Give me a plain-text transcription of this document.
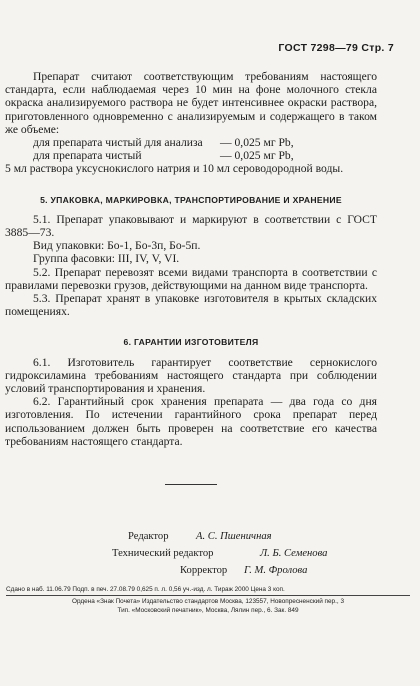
ГОСТ 7298—79 Стр. 7

Препарат считают соответствующим требованиям настоящего стандарта, если наблюдаемая через 10 мин на фоне молочного стекла окраска анализируемого раствора не будет интенсивнее окраски раствора, приготовленного одновременно с анализируемым и содержащего в таком же объеме:

для препарата чистый для анализа	— 0,025 мг Pb,
для препарата чистый	— 0,025 мг Pb,

5 мл раствора уксуснокислого натрия и 10 мл сероводородной воды.

5. УПАКОВКА, МАРКИРОВКА, ТРАНСПОРТИРОВАНИЕ И ХРАНЕНИЕ

5.1. Препарат упаковывают и маркируют в соответствии с ГОСТ 3885—73.

Вид упаковки: Бо-1, Бо-3п, Бо-5п.

Группа фасовки: III, IV, V, VI.

5.2. Препарат перевозят всеми видами транспорта в соответствии с правилами перевозки грузов, действующими на данном виде транспорта.

5.3. Препарат хранят в упаковке изготовителя в крытых складских помещениях.

6. ГАРАНТИИ ИЗГОТОВИТЕЛЯ

6.1. Изготовитель гарантирует соответствие сернокислого гидроксиламина требованиям настоящего стандарта при соблюдении условий транспортирования и хранения.

6.2. Гарантийный срок хранения препарата — два года со дня изготовления. По истечении гарантийного срока препарат перед использованием должен быть проверен на соответствие его качества требованиям настоящего стандарта.

Редактор	А. С. Пшеничная
Технический редактор	Л. Б. Семенова
Корректор Г. М. Фролова
Сдано в наб. 11.06.79 Подп. в печ. 27.08.79 0,625 п. л. 0,56 уч.-изд. л. Тираж 2000 Цена 3 коп.
Ордена «Знак Почета» Издательство стандартов Москва, 123557, Новопресненский пер., 3
Тип. «Московский печатник», Москва, Лялин пер., 6. Зак. 849
